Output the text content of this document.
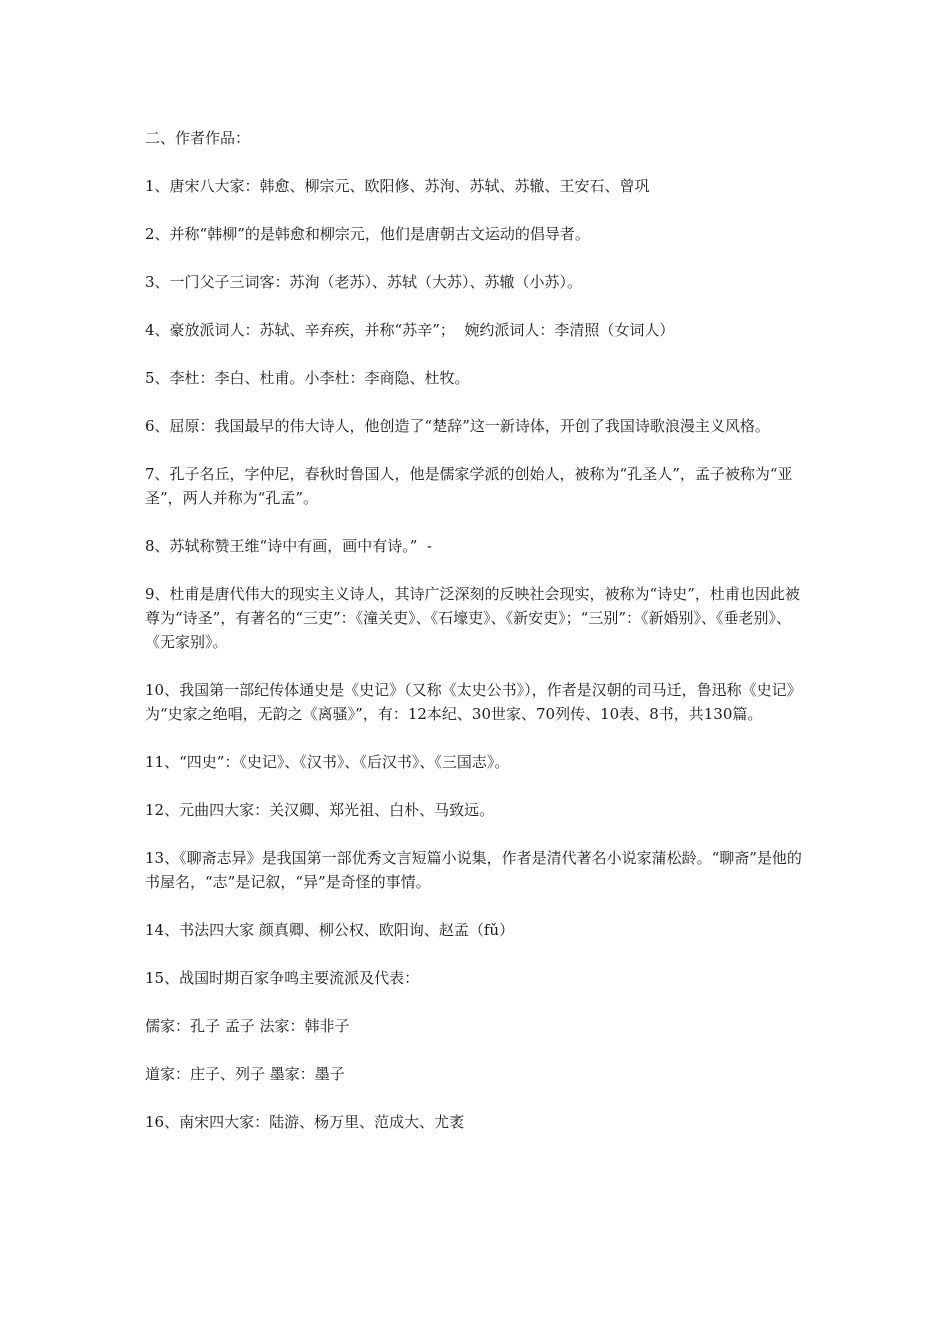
二、作者作品：

1、唐宋八大家：韩愈、柳宗元、欧阳修、苏洵、苏轼、苏辙、王安石、曾巩

2、并称“韩柳”的是韩愈和柳宗元，他们是唐朝古文运动的倡导者。

3、一门父子三词客：苏洵（老苏）、苏轼（大苏）、苏辙（小苏）。

4、豪放派词人：苏轼、辛弃疾，并称“苏辛”；  婉约派词人：李清照（女词人）

5、李杜：李白、杜甫。小李杜：李商隐、杜牧。

6、屈原：我国最早的伟大诗人，他创造了“楚辞”这一新诗体，开创了我国诗歌浪漫主义风格。

7、孔子名丘，字仲尼，春秋时鲁国人，他是儒家学派的创始人，被称为“孔圣人”，孟子被称为“亚圣”，两人并称为“孔孟”。

8、苏轼称赞王维“诗中有画，画中有诗。”  -

9、杜甫是唐代伟大的现实主义诗人，其诗广泛深刻的反映社会现实，被称为“诗史”，杜甫也因此被尊为“诗圣”，有著名的“三吏”：《潼关吏》、《石壕吏》、《新安吏》；“三别”：《新婚别》、《垂老别》、《无家别》。

10、我国第一部纪传体通史是《史记》（又称《太史公书》），作者是汉朝的司马迁，鲁迅称《史记》为“史家之绝唱，无韵之《离骚》”，有：12本纪、30世家、70列传、10表、8书，共130篇。

11、“四史”：《史记》、《汉书》、《后汉书》、《三国志》。

12、元曲四大家：关汉卿、郑光祖、白朴、马致远。

13、《聊斋志异》是我国第一部优秀文言短篇小说集，作者是清代著名小说家蒲松龄。“聊斋”是他的书屋名，“志”是记叙，“异”是奇怪的事情。

14、书法四大家 颜真卿、柳公权、欧阳询、赵孟（fǔ）

15、战国时期百家争鸣主要流派及代表：

儒家：孔子 孟子 法家：韩非子

道家：庄子、列子 墨家：墨子

16、南宋四大家：陆游、杨万里、范成大、尤袤
